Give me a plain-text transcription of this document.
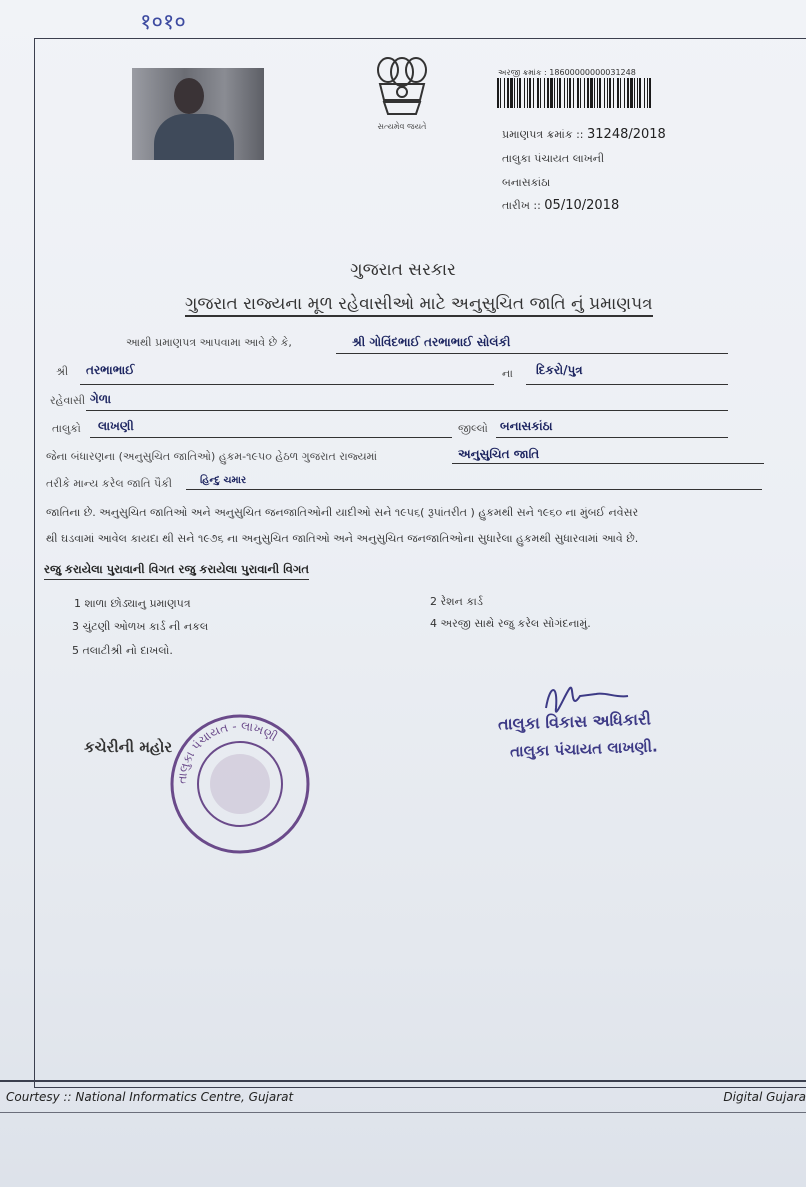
१०१०
સત્યમેવ જયતે
અરજી ક્રમાંક : 18600000000031248
પ્રમાણપત્ર ક્રમાંક :: 31248/2018
તાલુકા પંચાયત લાખની
બનાસકાંઠા
તારીખ :: 05/10/2018
ગુજરાત સરકાર
ગુજરાત રાજ્યના મૂળ રહેવાસીઓ માટે અનુસુચિત જાતિ નું પ્રમાણપત્ર
આથી પ્રમાણપત્ર આપવામા આવે છે કે,	શ્રી ગોવિંદભાઈ તરભાભાઈ સોલંકી
શ્રી તરભાભાઈ	ના દિકરો/પુત્ર
રહેવાસી ગેળા
તાલુકો લાખણી	જીલ્લો બનાસકાંઠા
જેના બંધારણના (અનુસુચિત જાતિઓ) હુકમ-૧૯૫૦ હેઠળ ગુજરાત રાજ્યમાં	અનુસુચિત જાતિ
તરીકે માન્ય કરેલ જાતિ પૈકી	હિન્દુ ચમાર
જાતિના છે. અનુસુચિત જાતિઓ અને અનુસુચિત જનજાતિઓની યાદીઓ સને ૧૯૫૬( રૂપાંતરીત ) હુકમથી સને ૧૯૬૦ ના મુંબઈ નવેસર
થી ઘડવામાં આવેલ કાયદા થી સને ૧૯૭૬ ના અનુસુચિત જાતિઓ અને અનુસુચિત જનજાતિઓના સુધારેલા હુકમથી સુધારવામાં આવે છે.
રજુ કરાયેલા પુરાવાની વિગત રજુ કરાયેલા પુરાવાની વિગત
1 શાળા છોડ્યાનુ પ્રમાણપત્ર	2 રેશન કાર્ડ
3 ચુંટણી ઓળખ કાર્ડ ની નકલ	4 અરજી સાથે રજુ કરેલ સોગંદનામું.
5 તલાટીશ્રી નો દાખલો.
કચેરીની મહોર
તાલુકા પંચાયત - લાખણી
તાલુકા વિકાસ અધિકારી
તાલુકા પંચાયત લાખણી.
Courtesy :: National Informatics Centre, Gujarat	Digital Gujara
